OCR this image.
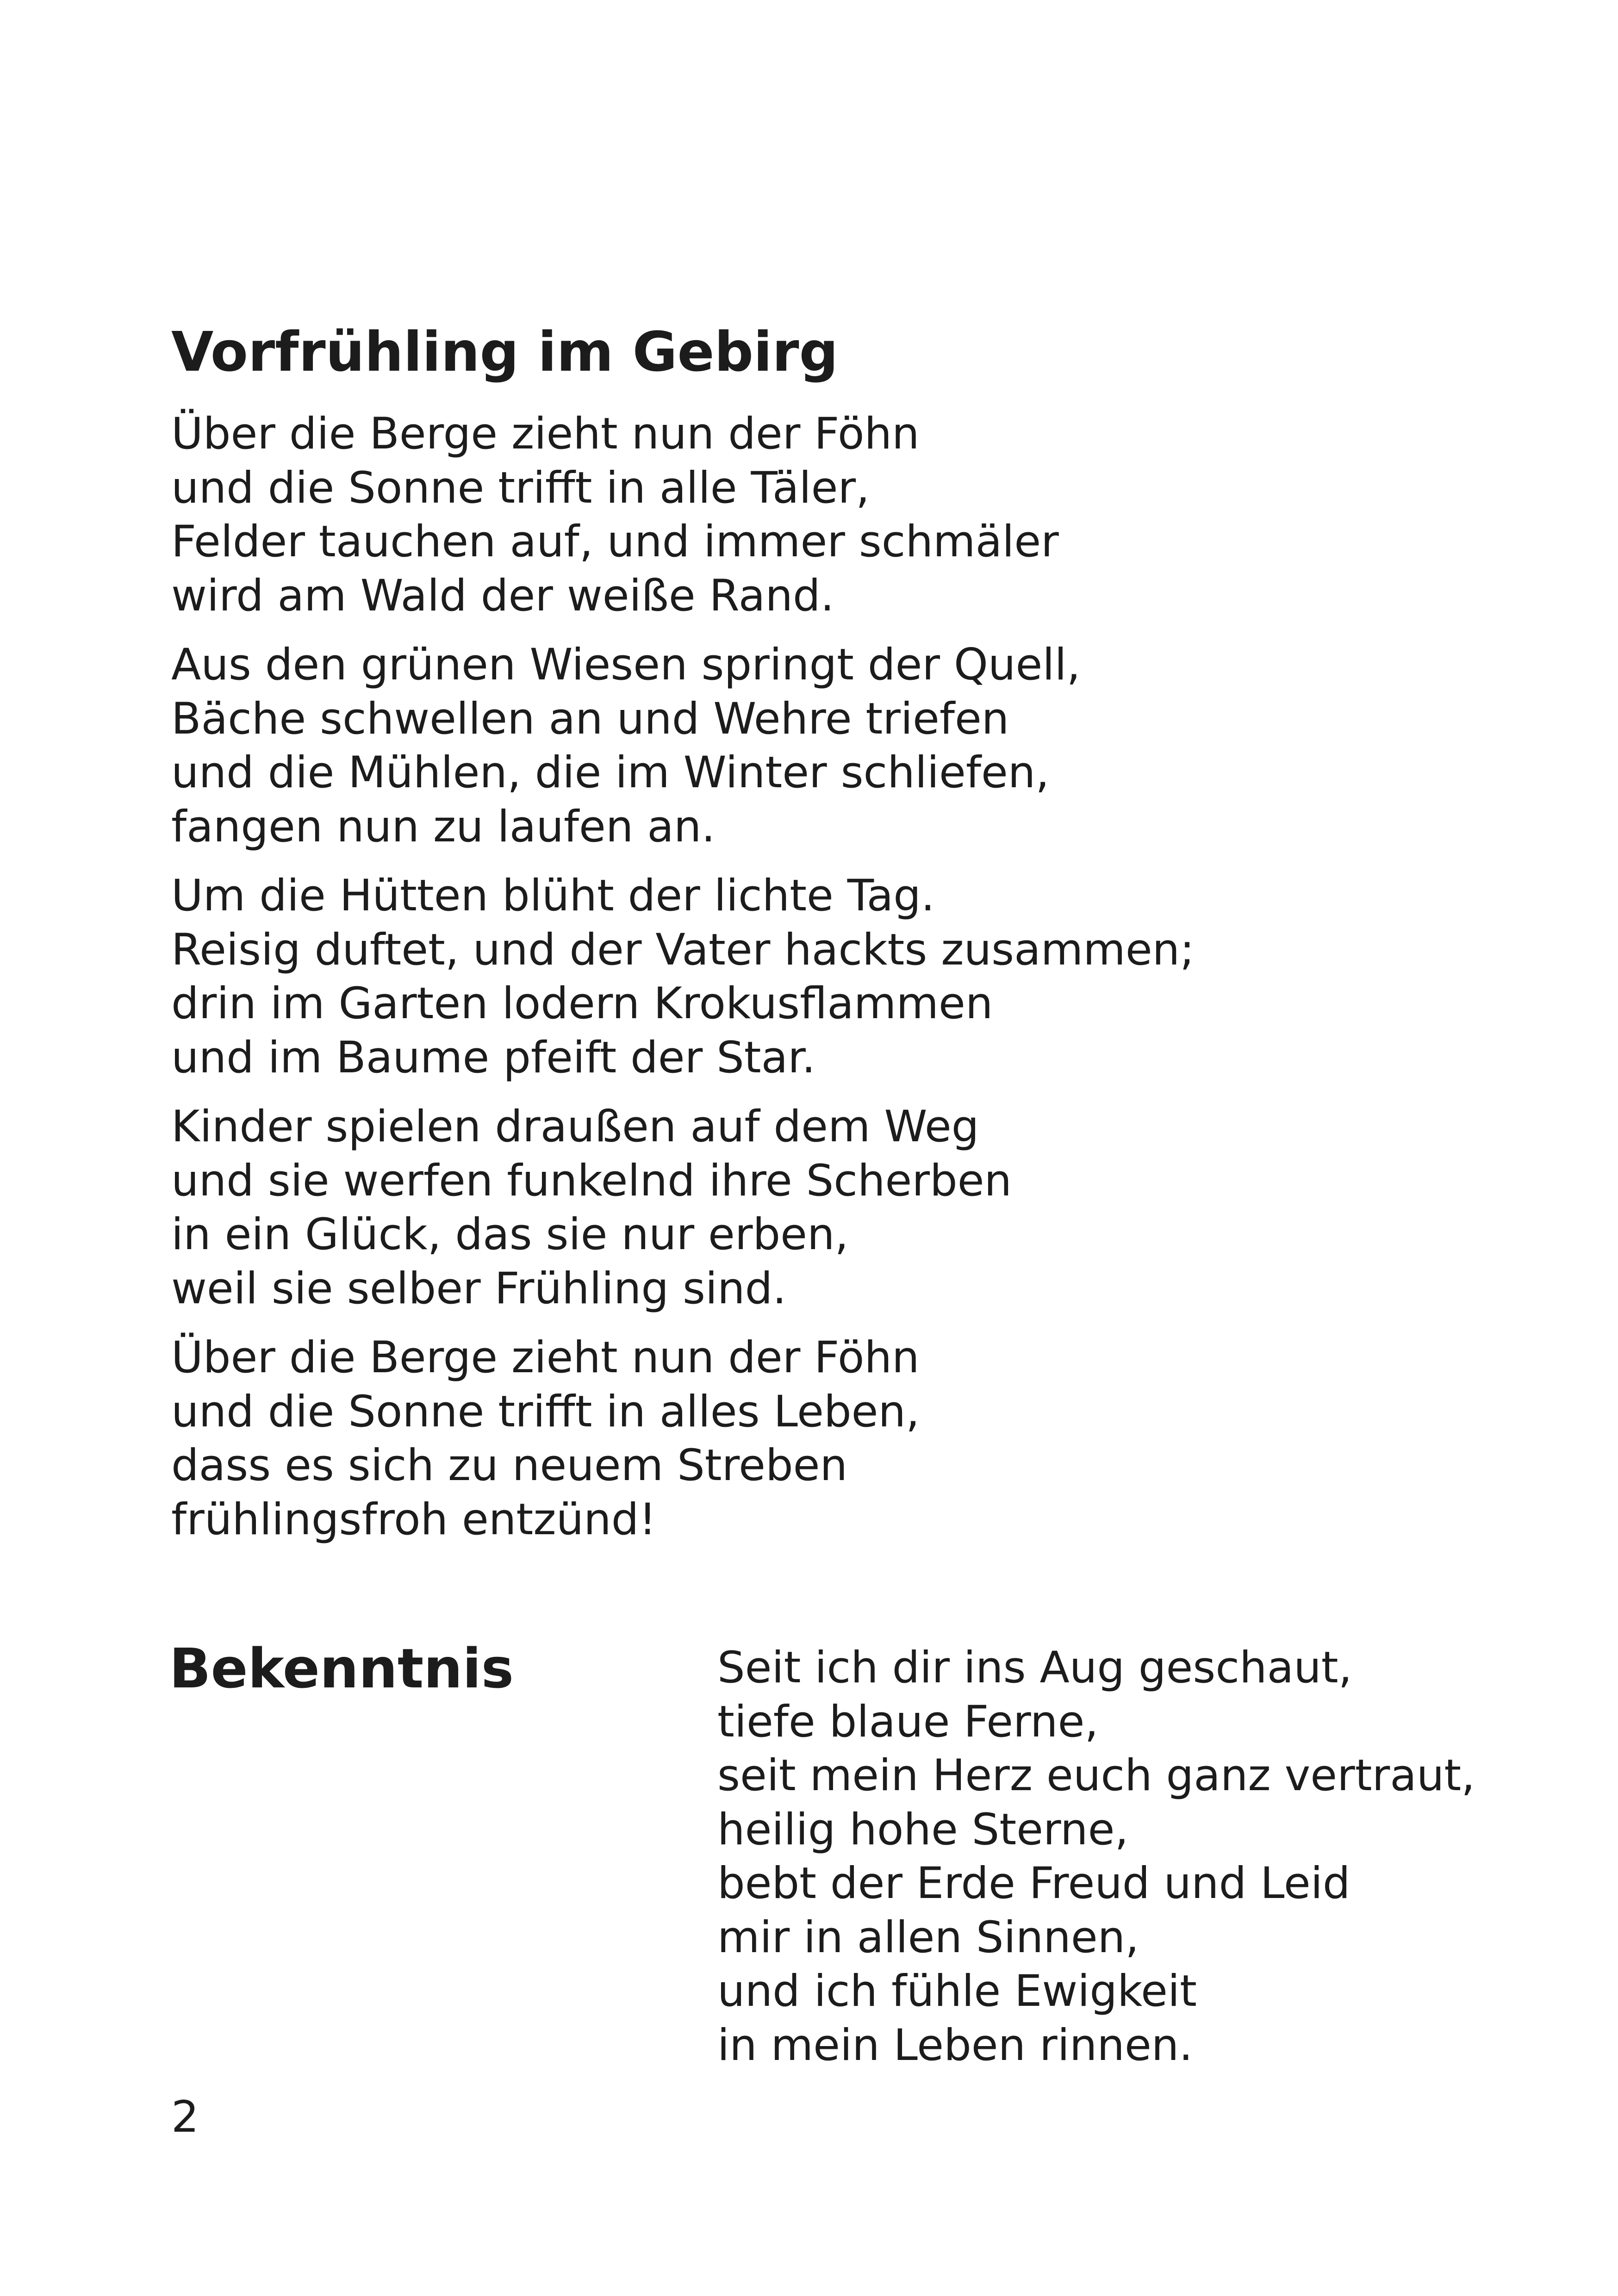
Vorfrühling im Gebirg
Über die Berge zieht nun der Föhn
und die Sonne trifft in alle Täler,
Felder tauchen auf, und immer schmäler
wird am Wald der weiße Rand.
Aus den grünen Wiesen springt der Quell,
Bäche schwellen an und Wehre triefen
und die Mühlen, die im Winter schliefen,
fangen nun zu laufen an.
Um die Hütten blüht der lichte Tag.
Reisig duftet, und der Vater hackts zusammen;
drin im Garten lodern Krokusflammen
und im Baume pfeift der Star.
Kinder spielen draußen auf dem Weg
und sie werfen funkelnd ihre Scherben
in ein Glück, das sie nur erben,
weil sie selber Frühling sind.
Über die Berge zieht nun der Föhn
und die Sonne trifft in alles Leben,
dass es sich zu neuem Streben
frühlingsfroh entzünd!
Bekenntnis	Seit ich dir ins Aug geschaut,
tiefe blaue Ferne,
seit mein Herz euch ganz vertraut,
heilig hohe Sterne,
bebt der Erde Freud und Leid
mir in allen Sinnen,
und ich fühle Ewigkeit
in mein Leben rinnen.
2
